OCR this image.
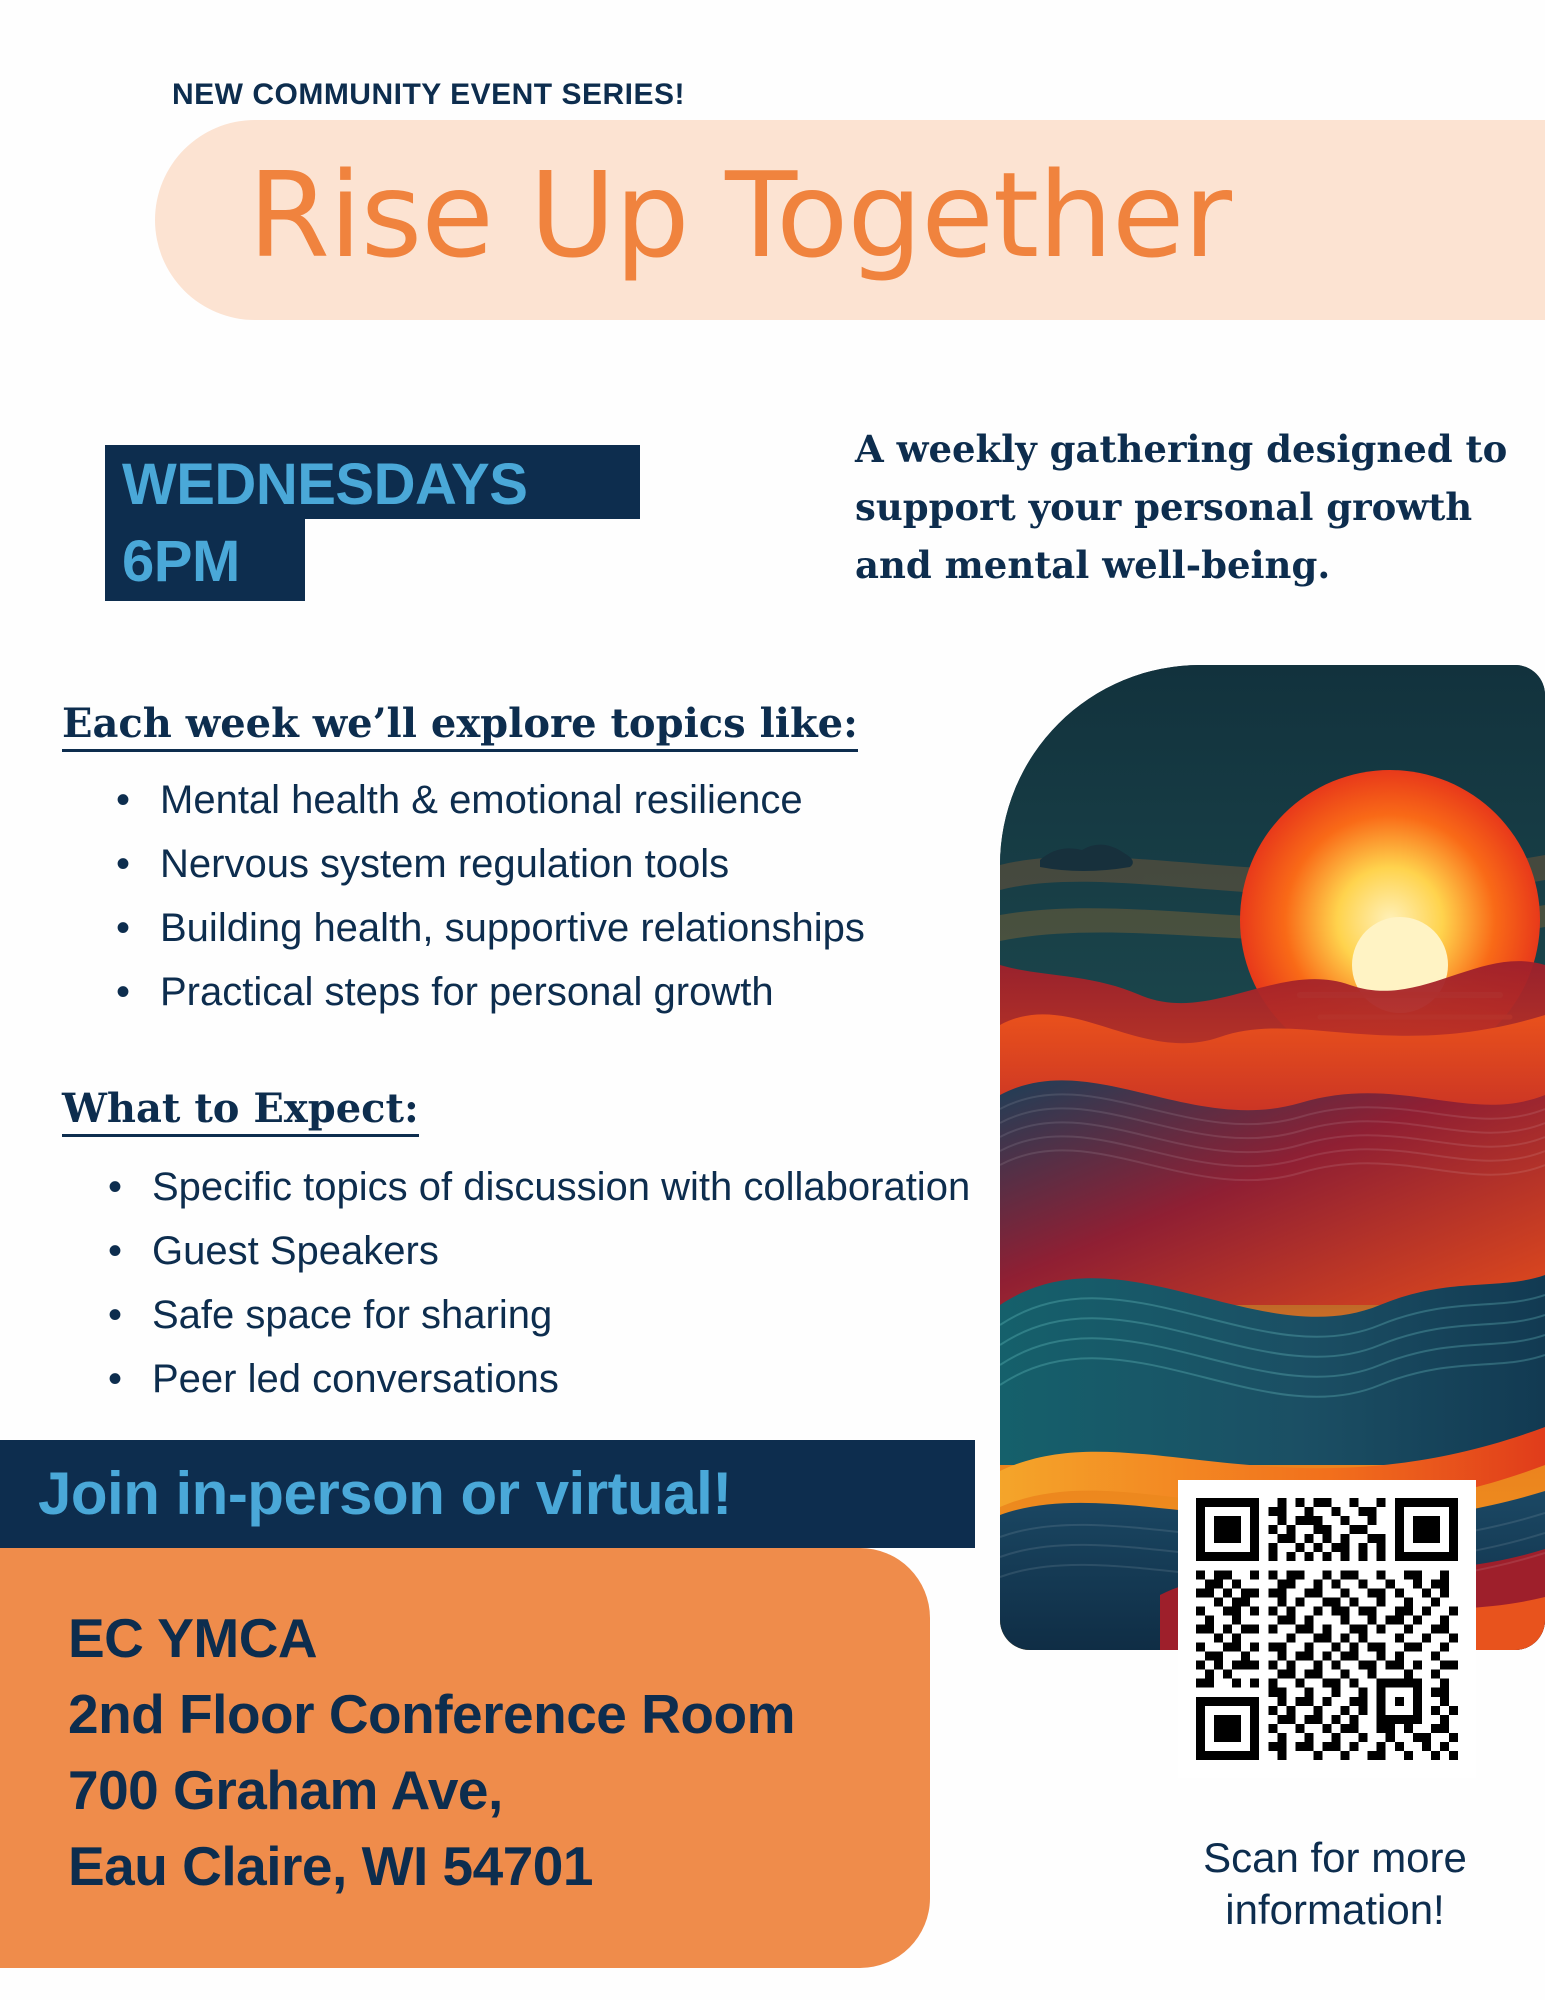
NEW COMMUNITY EVENT SERIES!
Rise Up Together
WEDNESDAYS
6PM
A weekly gathering designed to support your personal growth and mental well-being.
Each week we’ll explore topics like:
• Mental health & emotional resilience
• Nervous system regulation tools
• Building health, supportive relationships
• Practical steps for personal growth
What to Expect:
• Specific topics of discussion with collaboration
• Guest Speakers
• Safe space for sharing
• Peer led conversations
Join in-person or virtual!
EC YMCA
2nd Floor Conference Room
700 Graham Ave,
Eau Claire, WI 54701	Scan for more information!
